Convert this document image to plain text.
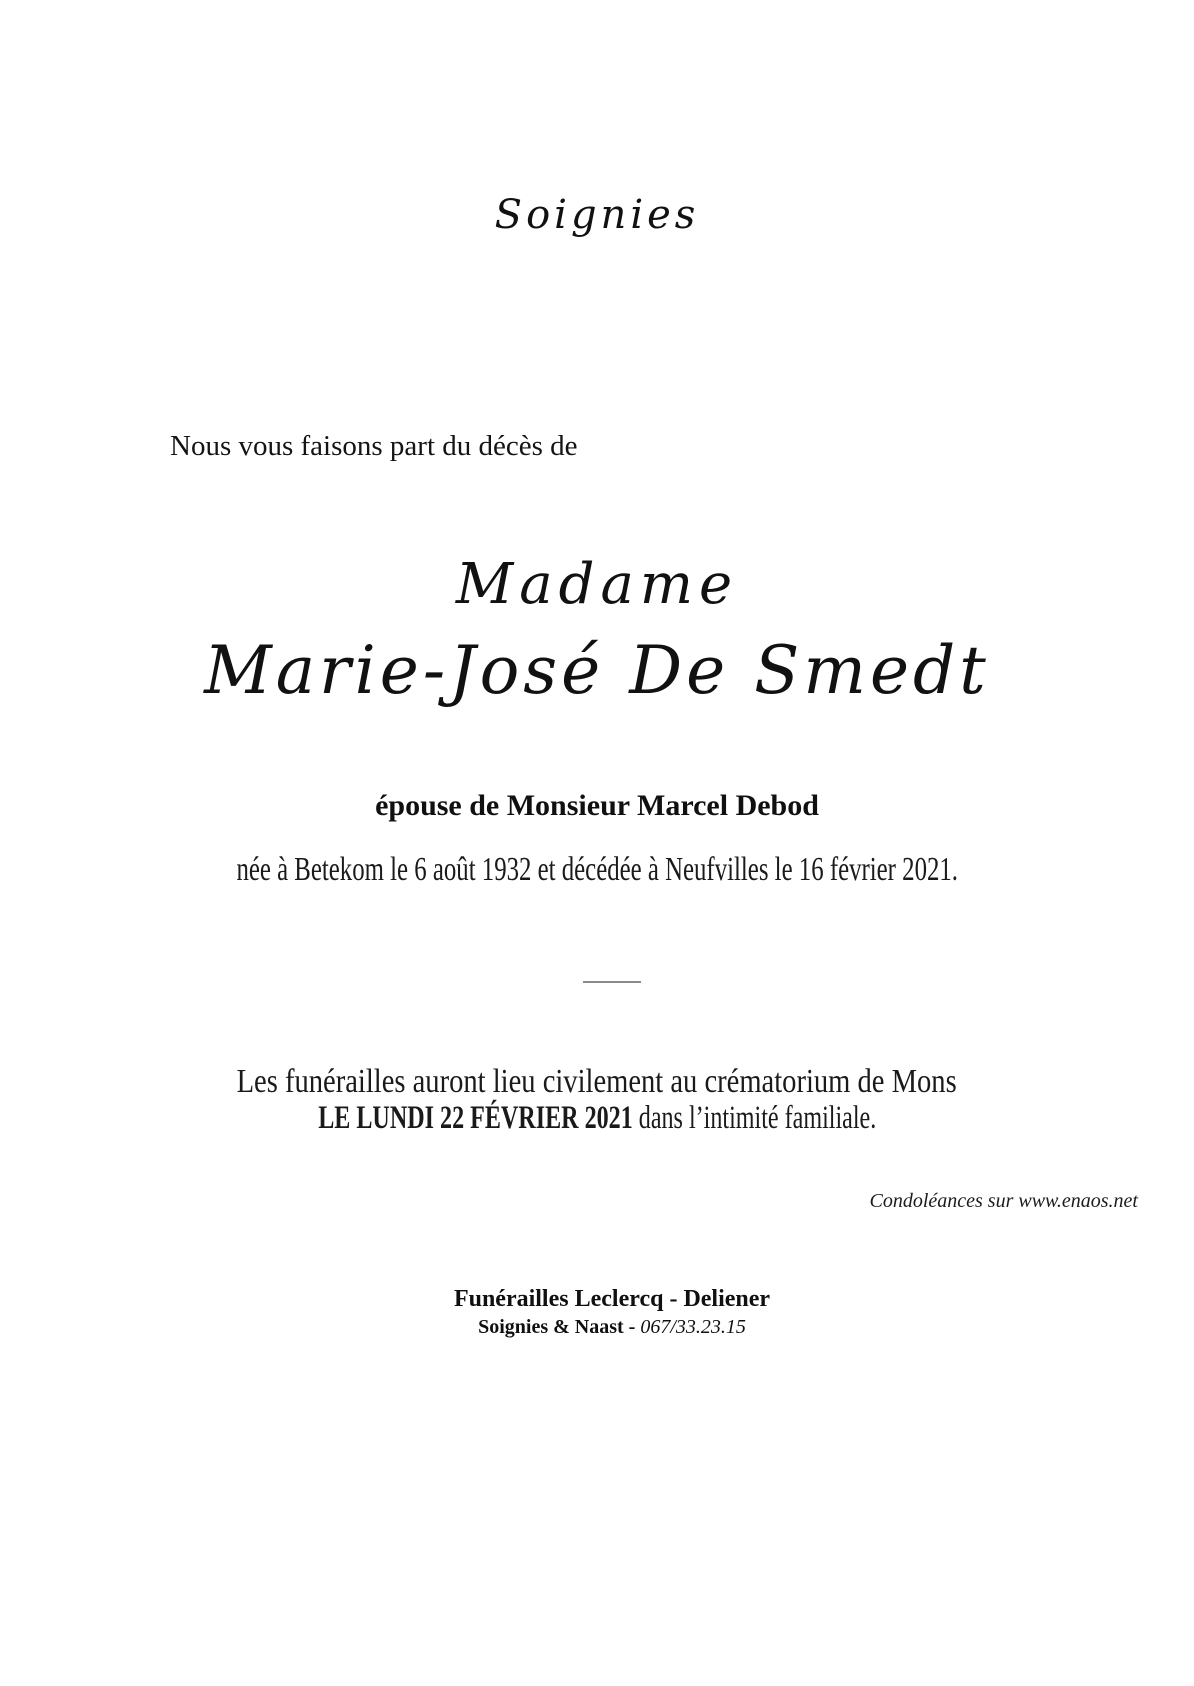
Soignies
Nous vous faisons part du décès de
Madame
Marie-José De Smedt
épouse de Monsieur Marcel Debod
née à Betekom le 6 août 1932 et décédée à Neufvilles le 16 février 2021.
Les funérailles auront lieu civilement au crématorium de Mons
LE LUNDI 22 FÉVRIER 2021 dans l’intimité familiale.
Condoléances sur www.enaos.net
Funérailles Leclercq - Deliener
Soignies & Naast - 067/33.23.15
